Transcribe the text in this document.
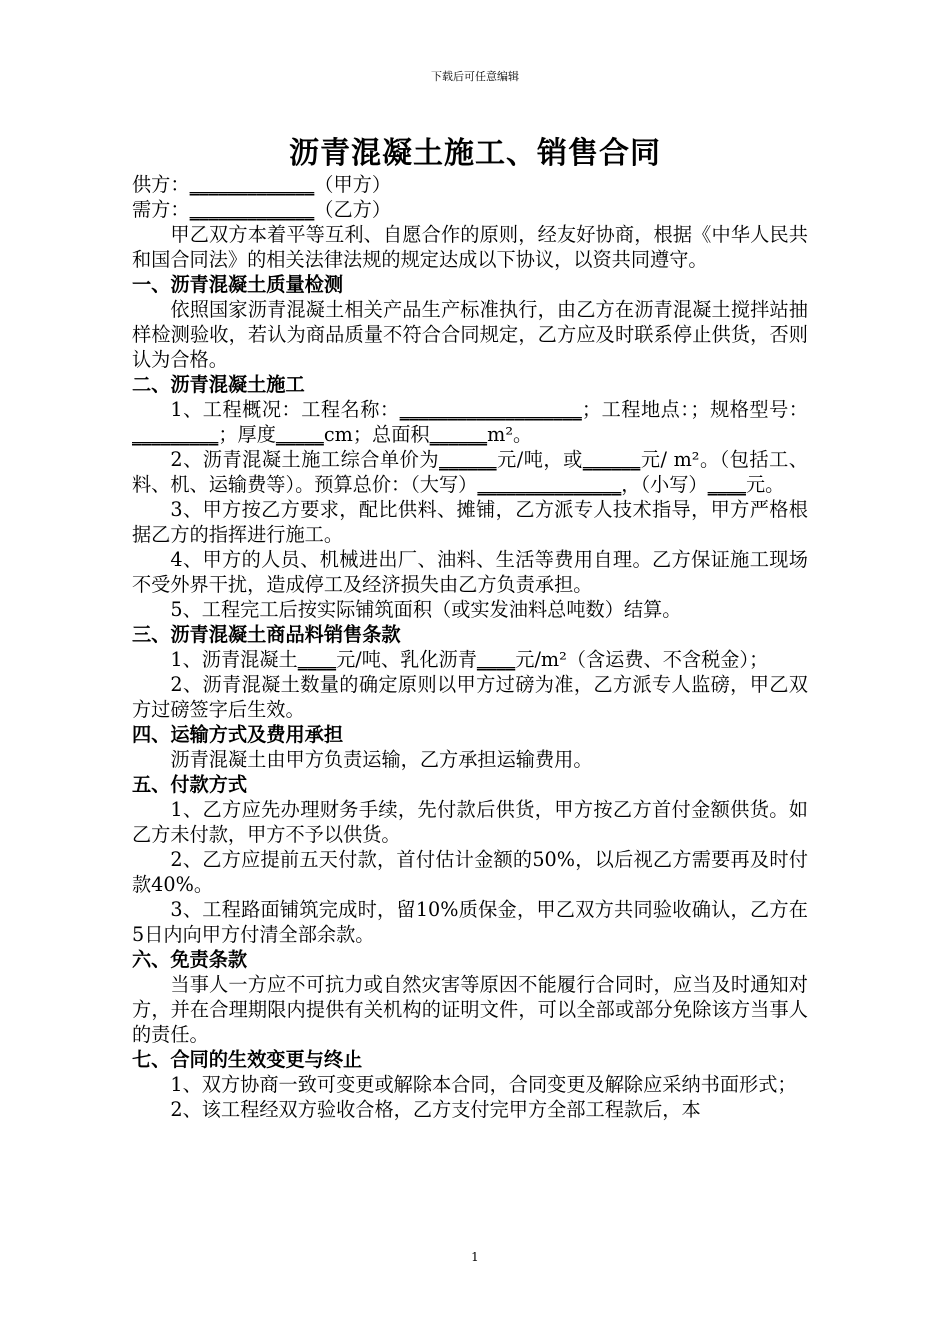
下载后可任意编辑
沥青混凝土施工、销售合同

供方：_____________（甲方）

需方：_____________（乙方）

甲乙双方本着平等互利、自愿合作的原则，经友好协商，根据《中华人民共和国合同法》的相关法律法规的规定达成以下协议，以资共同遵守。

一、沥青混凝土质量检测

依照国家沥青混凝土相关产品生产标准执行，由乙方在沥青混凝土搅拌站抽样检测验收，若认为商品质量不符合合同规定，乙方应及时联系停止供货，否则认为合格。

二、沥青混凝土施工

1、工程概况：工程名称：___________________；工程地点：；规格型号：_________；厚度_____cm；总面积______m²。

2、沥青混凝土施工综合单价为______元/吨，或______元/ m²。（包括工、料、机、运输费等）。预算总价：（大写）_______________，（小写）____元。

3、甲方按乙方要求，配比供料、摊铺，乙方派专人技术指导，甲方严格根据乙方的指挥进行施工。

4、甲方的人员、机械进出厂、油料、生活等费用自理。乙方保证施工现场不受外界干扰，造成停工及经济损失由乙方负责承担。

5、工程完工后按实际铺筑面积（或实发油料总吨数）结算。

三、沥青混凝土商品料销售条款

1、沥青混凝土____元/吨、乳化沥青____元/m²（含运费、不含税金）；

2、沥青混凝土数量的确定原则以甲方过磅为准，乙方派专人监磅，甲乙双方过磅签字后生效。

四、运输方式及费用承担

沥青混凝土由甲方负责运输，乙方承担运输费用。

五、付款方式

1、乙方应先办理财务手续，先付款后供货，甲方按乙方首付金额供货。如乙方未付款，甲方不予以供货。

2、乙方应提前五天付款，首付估计金额的50%，以后视乙方需要再及时付款40%。

3、工程路面铺筑完成时，留10%质保金，甲乙双方共同验收确认，乙方在5日内向甲方付清全部余款。

六、免责条款

当事人一方应不可抗力或自然灾害等原因不能履行合同时，应当及时通知对方，并在合理期限内提供有关机构的证明文件，可以全部或部分免除该方当事人的责任。

七、合同的生效变更与终止

1、双方协商一致可变更或解除本合同，合同变更及解除应采纳书面形式；

2、该工程经双方验收合格，乙方支付完甲方全部工程款后，本

1
